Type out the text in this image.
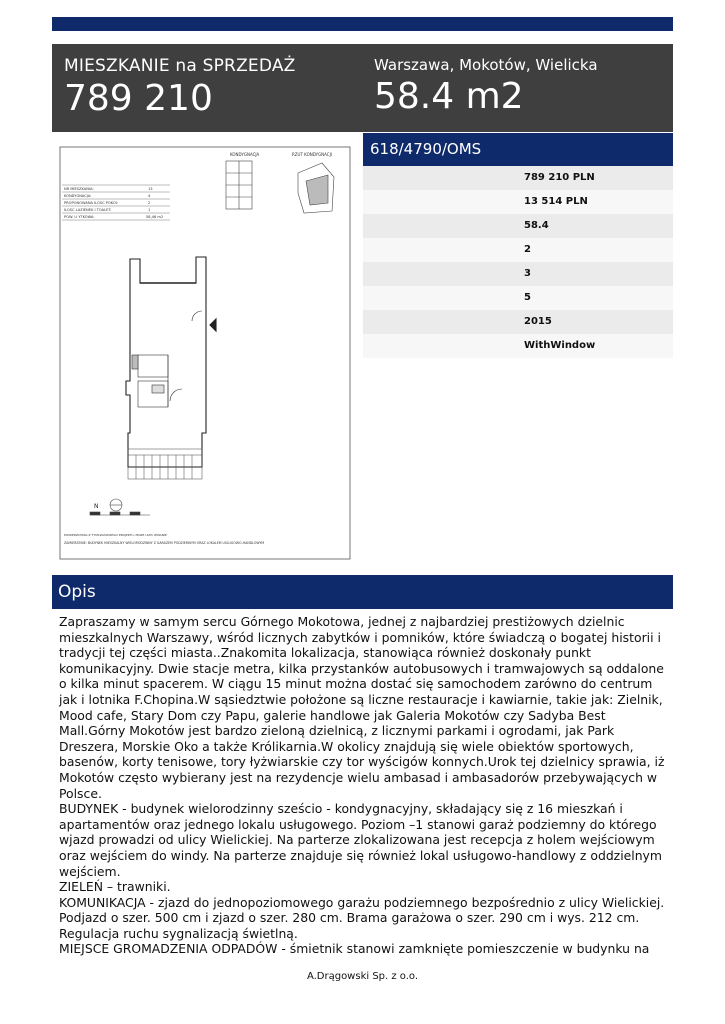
MIESZKANIE na SPRZEDAŻ
789 210
Warszawa, Mokotów, Wielicka
58.4 m2
KONDYGNACJA	RZUT KONDYGNACJI
NR MIESZKANIA:	13
KONDYGNACJA:	4
PROPONOWANA ILOSC POKOI:	2
ILOSC LAZIENEK I TOALET:	1
POW. U YTKOWA:	58,46 m2
N
POWIERZCHNIA Z TYMCZASOWEGO PROJEKTU, MOZE ULEC ZMIANIE
ZAMIERZENIE: BUDYNEK MIESZKALNY WIELORODZINNY Z GARAZEM PODZIEMNYM ORAZ LOKALEM USLUGOWO-HANDLOWYM
618/4790/OMS
789 210 PLN
13 514 PLN
58.4
2
3
5
2015
WithWindow
Opis

Zapraszamy w samym sercu Górnego Mokotowa, jednej z najbardziej prestiżowych dzielnic mieszkalnych Warszawy, wśród licznych zabytków i pomników, które świadczą o bogatej historii i tradycji tej części miasta..Znakomita lokalizacja, stanowiąca również doskonały punkt komunikacyjny. Dwie stacje metra, kilka przystanków autobusowych i tramwajowych są oddalone o kilka minut spacerem. W ciągu 15 minut można dostać się samochodem zarówno do centrum jak i lotnika F.Chopina.W sąsiedztwie położone są liczne restauracje i kawiarnie, takie jak: Zielnik, Mood cafe, Stary Dom czy Papu, galerie handlowe jak Galeria Mokotów czy Sadyba Best Mall.Górny Mokotów jest bardzo zieloną dzielnicą, z licznymi parkami i ogrodami, jak Park Dreszera, Morskie Oko a także Królikarnia.W okolicy znajdują się wiele obiektów sportowych, basenów, korty tenisowe, tory łyżwiarskie czy tor wyścigów konnych.Urok tej dzielnicy sprawia, iż Mokotów często wybierany jest na rezydencje wielu ambasad i ambasadorów przebywających w Polsce.

BUDYNEK - budynek wielorodzinny sześcio - kondygnacyjny, składający się z 16 mieszkań i apartamentów oraz jednego lokalu usługowego. Poziom –1 stanowi garaż podziemny do którego wjazd prowadzi od ulicy Wielickiej. Na parterze zlokalizowana jest recepcja z holem wejściowym oraz wejściem do windy. Na parterze znajduje się również lokal usługowo-handlowy z oddzielnym wejściem.

ZIELEŃ – trawniki.

KOMUNIKACJA - zjazd do jednopoziomowego garażu podziemnego bezpośrednio z ulicy Wielickiej. Podjazd o szer. 500 cm i zjazd o szer. 280 cm. Brama garażowa o szer. 290 cm i wys. 212 cm. Regulacja ruchu sygnalizacją świetlną.

MIEJSCE GROMADZENIA ODPADÓW - śmietnik stanowi zamknięte pomieszczenie w budynku na

A.Drągowski Sp. z o.o.
